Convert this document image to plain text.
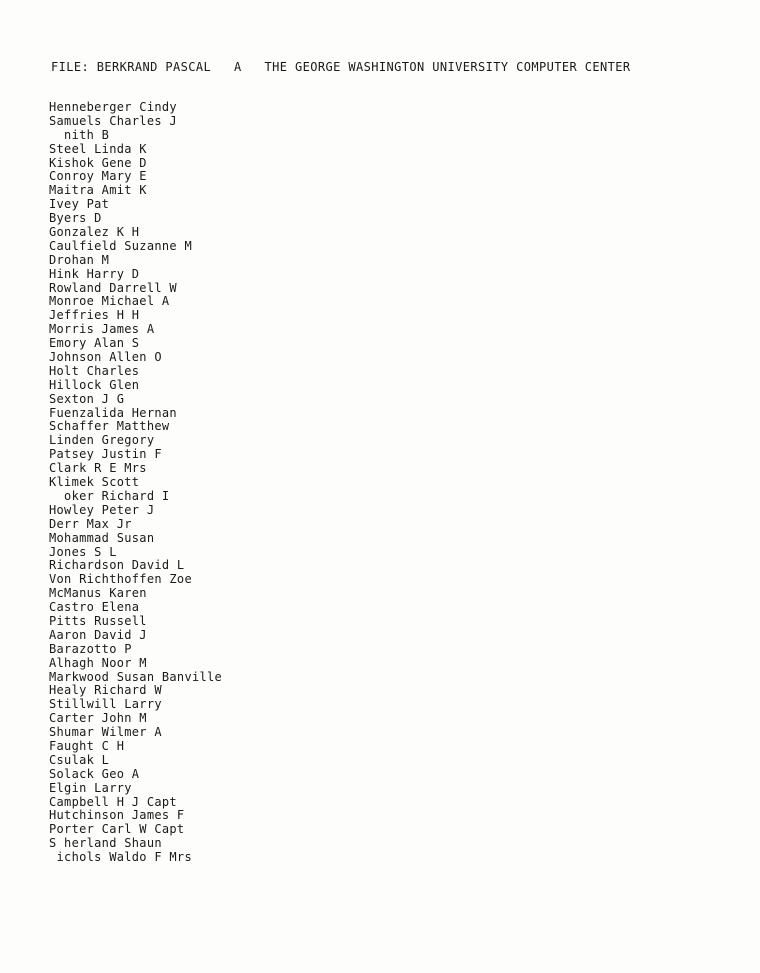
FILE: BERKRAND PASCAL A THE GEORGE WASHINGTON UNIVERSITY COMPUTER CENTER
Henneberger Cindy
Samuels Charles J
nith B
Steel Linda K
Kishok Gene D
Conroy Mary E
Maitra Amit K
Ivey Pat
Byers D
Gonzalez K H
Caulfield Suzanne M
Drohan M
Hink Harry D
Rowland Darrell W
Monroe Michael A
Jeffries H H
Morris James A
Emory Alan S
Johnson Allen O
Holt Charles
Hillock Glen
Sexton J G
Fuenzalida Hernan
Schaffer Matthew
Linden Gregory
Patsey Justin F
Clark R E Mrs
Klimek Scott
oker Richard I
Howley Peter J
Derr Max Jr
Mohammad Susan
Jones S L
Richardson David L
Von Richthoffen Zoe
McManus Karen
Castro Elena
Pitts Russell
Aaron David J
Barazotto P
Alhagh Noor M
Markwood Susan Banville
Healy Richard W
Stillwill Larry
Carter John M
Shumar Wilmer A
Faught C H
Csulak L
Solack Geo A
Elgin Larry
Campbell H J Capt
Hutchinson James F
Porter Carl W Capt
S herland Shaun
ichols Waldo F Mrs
